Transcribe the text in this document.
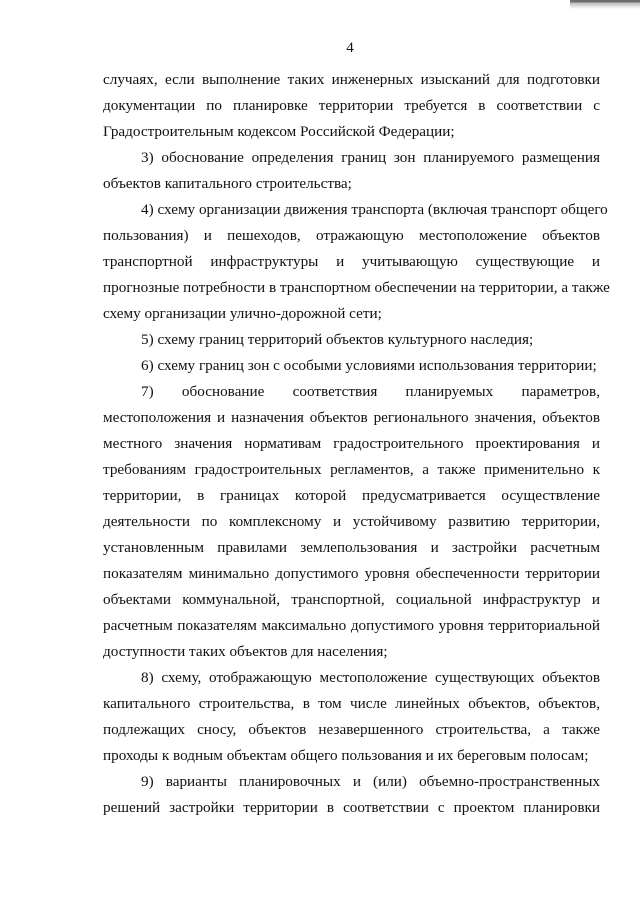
4
случаях, если выполнение таких инженерных изысканий для подготовки
документации по планировке территории требуется в соответствии с
Градостроительным кодексом Российской Федерации;
3) обоснование определения границ зон планируемого размещения
объектов капитального строительства;
4) схему организации движения транспорта (включая транспорт общего
пользования) и пешеходов, отражающую местоположение объектов
транспортной инфраструктуры и учитывающую существующие и
прогнозные потребности в транспортном обеспечении на территории, а также
схему организации улично-дорожной сети;
5) схему границ территорий объектов культурного наследия;
6) схему границ зон с особыми условиями использования территории;
7) обоснование соответствия планируемых параметров,
местоположения и назначения объектов регионального значения, объектов
местного значения нормативам градостроительного проектирования и
требованиям градостроительных регламентов, а также применительно к
территории, в границах которой предусматривается осуществление
деятельности по комплексному и устойчивому развитию территории,
установленным правилами землепользования и застройки расчетным
показателям минимально допустимого уровня обеспеченности территории
объектами коммунальной, транспортной, социальной инфраструктур и
расчетным показателям максимально допустимого уровня территориальной
доступности таких объектов для населения;
8) схему, отображающую местоположение существующих объектов
капитального строительства, в том числе линейных объектов, объектов,
подлежащих сносу, объектов незавершенного строительства, а также
проходы к водным объектам общего пользования и их береговым полосам;
9) варианты планировочных и (или) объемно-пространственных
решений застройки территории в соответствии с проектом планировки
